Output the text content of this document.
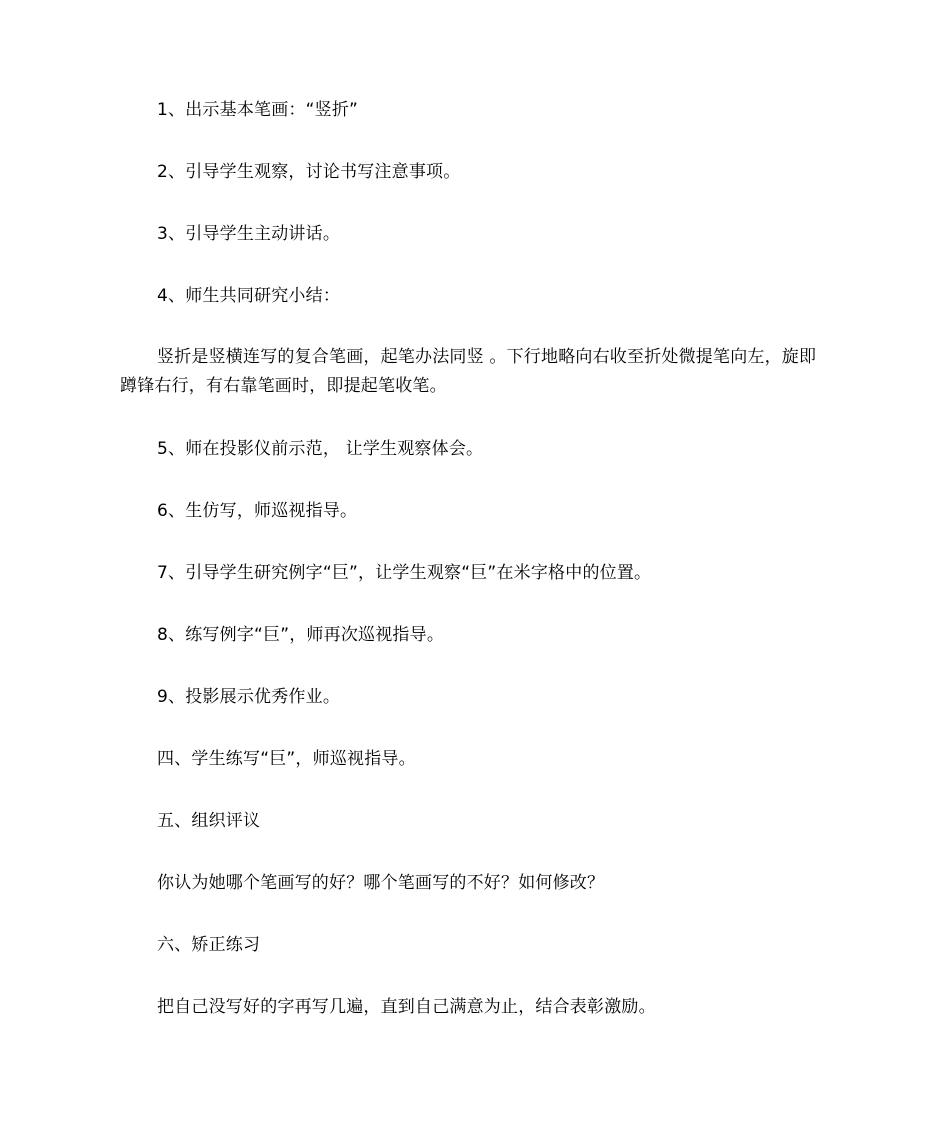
1、出示基本笔画：“竖折”
2、引导学生观察，讨论书写注意事项。
3、引导学生主动讲话。
4、师生共同研究小结：
竖折是竖横连写的复合笔画，起笔办法同竖 。下行地略向右收至折处微提笔向左，旋即蹲锋右行，有右靠笔画时，即提起笔收笔。
5、师在投影仪前示范， 让学生观察体会。
6、生仿写，师巡视指导。
7、引导学生研究例字“巨”，让学生观察“巨”在米字格中的位置。
8、练写例字“巨”，师再次巡视指导。
9、投影展示优秀作业。
四、学生练写“巨”，师巡视指导。
五、组织评议
你认为她哪个笔画写的好？哪个笔画写的不好？如何修改？
六、矫正练习
把自己没写好的字再写几遍，直到自己满意为止，结合表彰激励。
